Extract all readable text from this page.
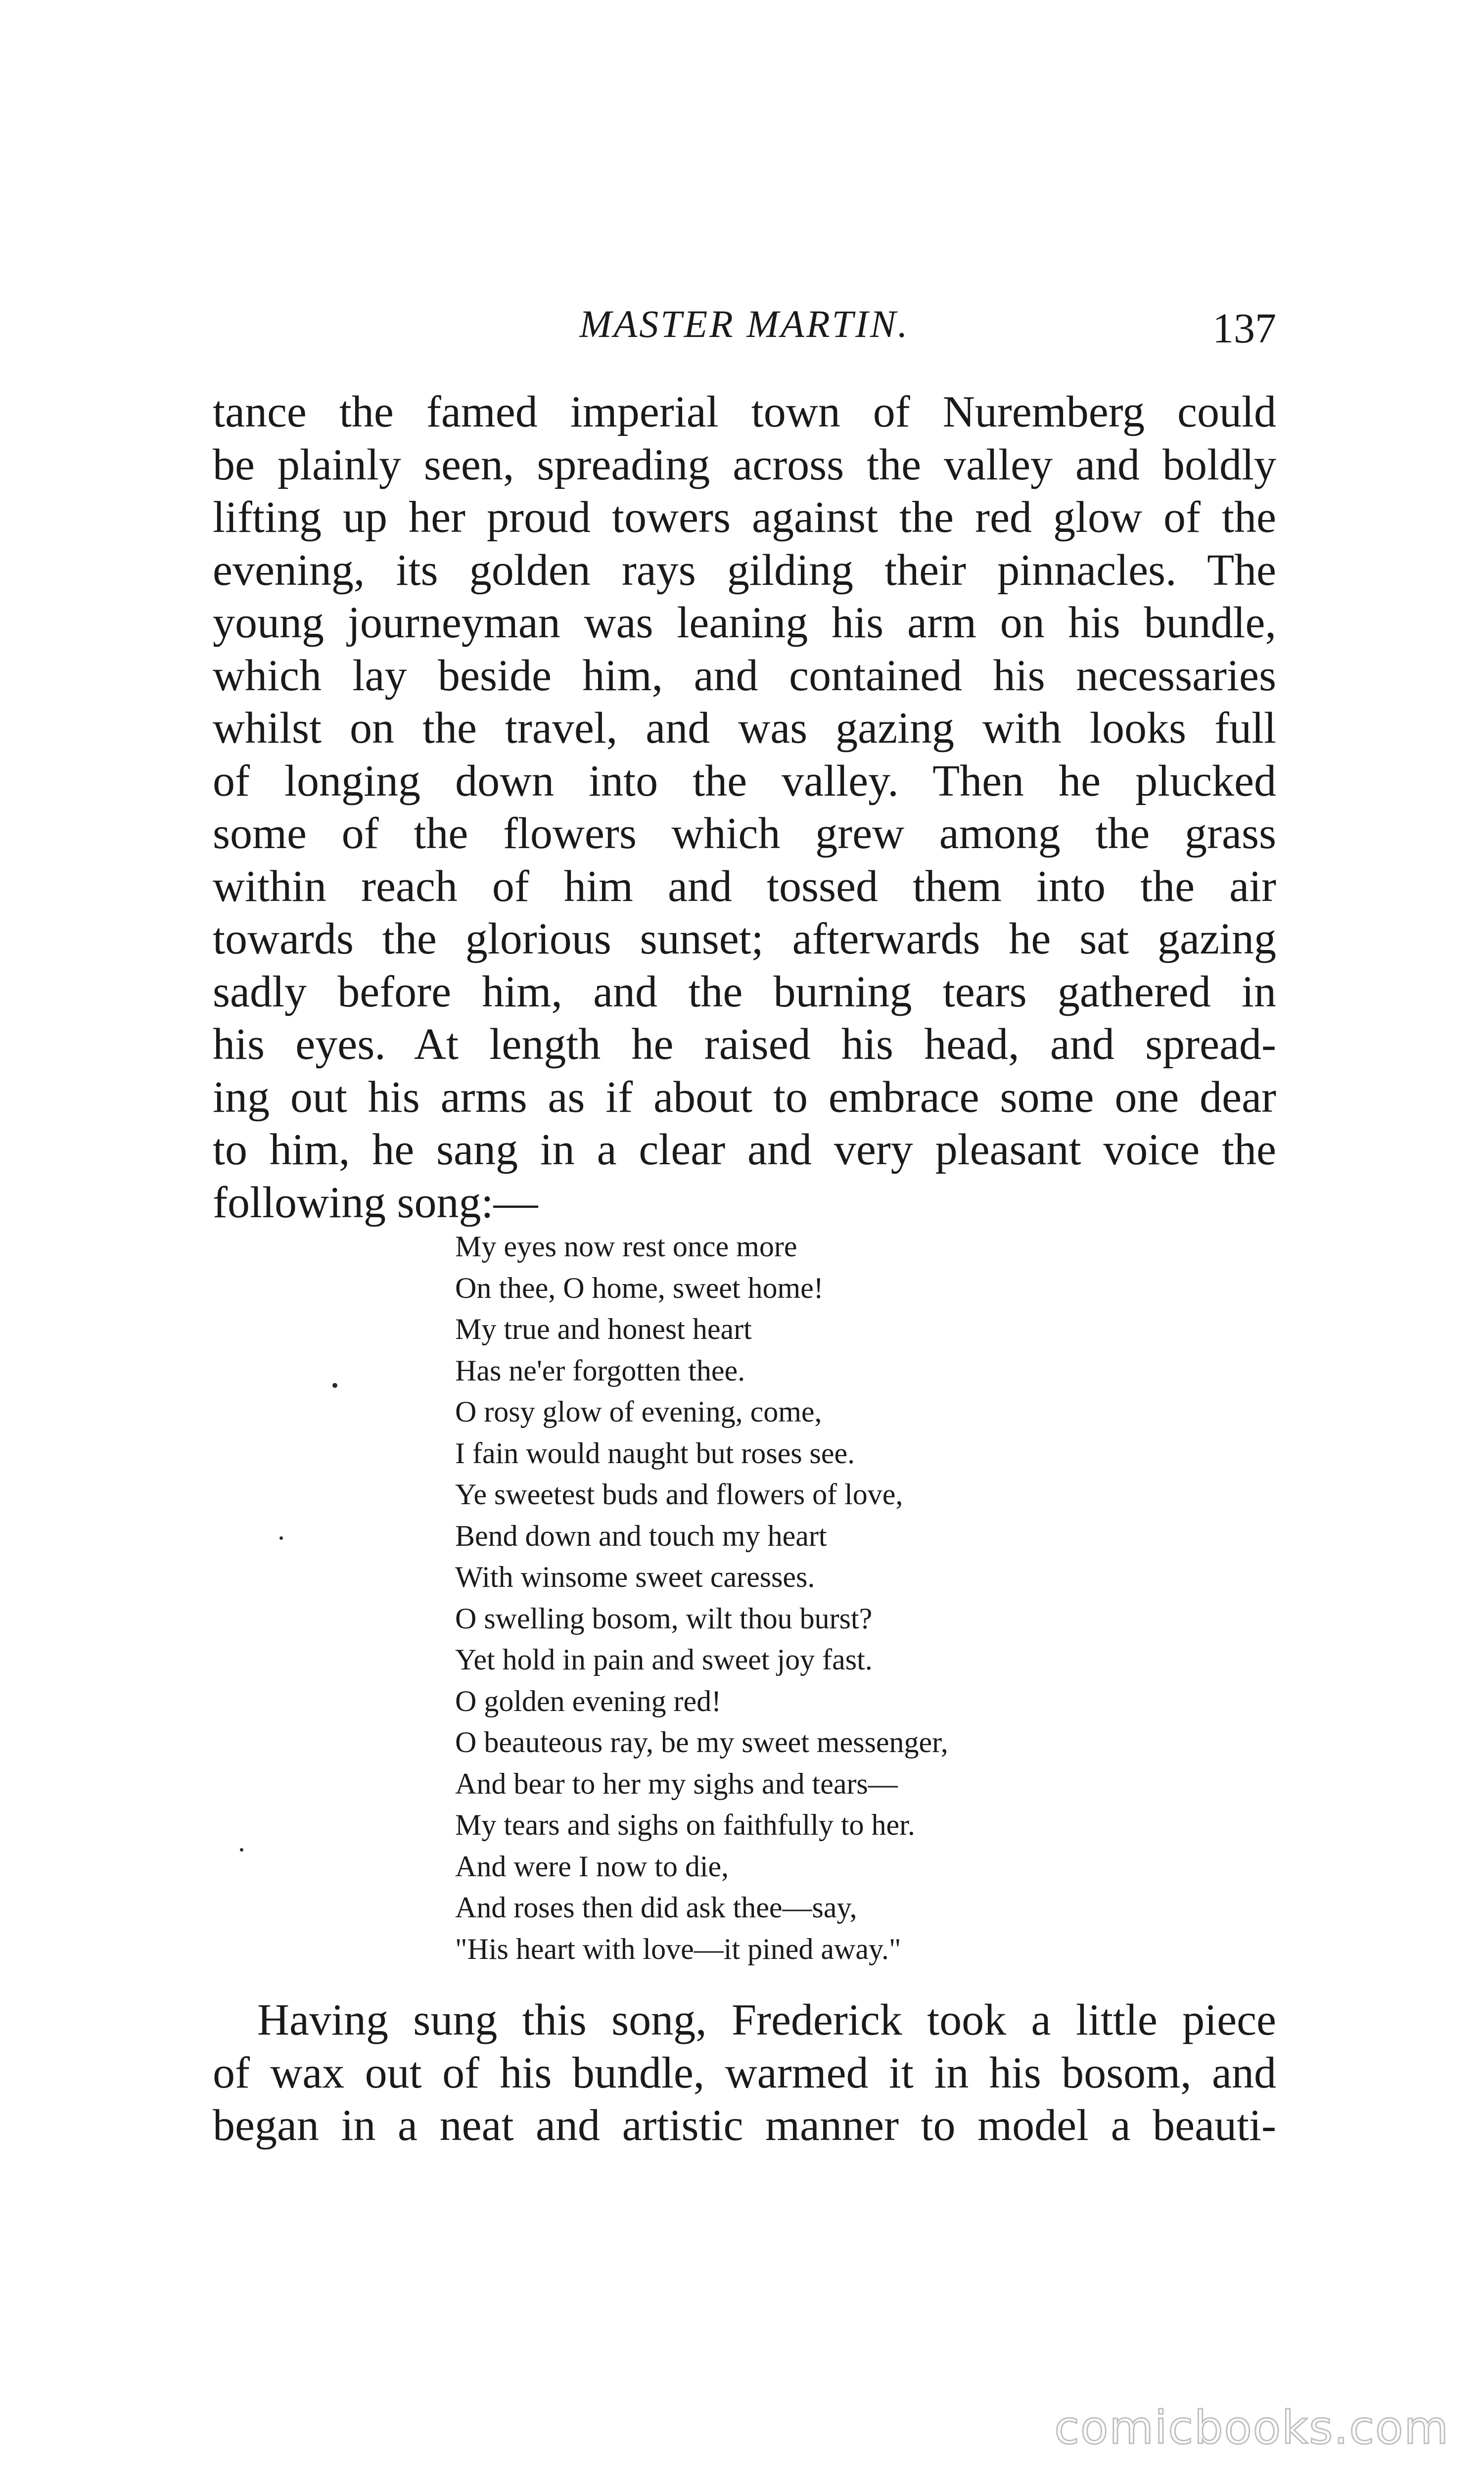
MASTER MARTIN.	137
tance the famed imperial town of Nuremberg could
be plainly seen, spreading across the valley and boldly
lifting up her proud towers against the red glow of the
evening, its golden rays gilding their pinnacles. The
young journeyman was leaning his arm on his bundle,
which lay beside him, and contained his necessaries
whilst on the travel, and was gazing with looks full
of longing down into the valley. Then he plucked
some of the flowers which grew among the grass
within reach of him and tossed them into the air
towards the glorious sunset; afterwards he sat gazing
sadly before him, and the burning tears gathered in
his eyes. At length he raised his head, and spread-
ing out his arms as if about to embrace some one dear
to him, he sang in a clear and very pleasant voice the
following song:—
My eyes now rest once more
On thee, O home, sweet home!
My true and honest heart
Has ne'er forgotten thee.
O rosy glow of evening, come,
I fain would naught but roses see.
Ye sweetest buds and flowers of love,
Bend down and touch my heart
With winsome sweet caresses.
O swelling bosom, wilt thou burst?
Yet hold in pain and sweet joy fast.
O golden evening red!
O beauteous ray, be my sweet messenger,
And bear to her my sighs and tears—
My tears and sighs on faithfully to her.
And were I now to die,
And roses then did ask thee—say,
"His heart with love—it pined away."
Having sung this song, Frederick took a little piece
of wax out of his bundle, warmed it in his bosom, and
began in a neat and artistic manner to model a beauti-
comicbooks.com
